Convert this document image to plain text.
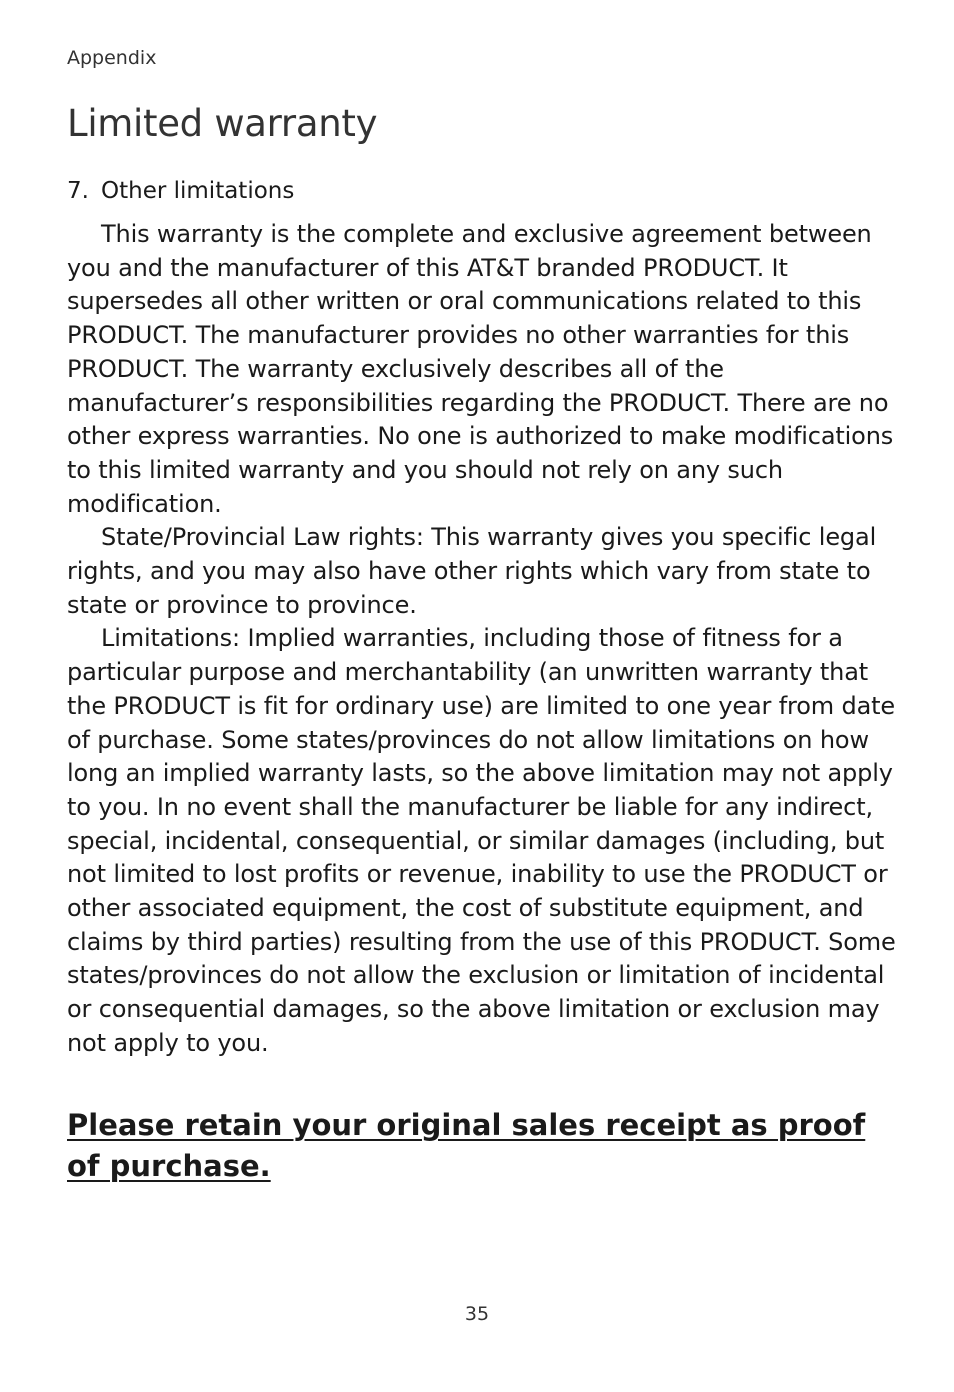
Appendix
Limited warranty
7. Other limitations

This warranty is the complete and exclusive agreement between you and the manufacturer of this AT&T branded PRODUCT. It supersedes all other written or oral communications related to this PRODUCT. The manufacturer provides no other warranties for this PRODUCT. The warranty exclusively describes all of the manufacturer’s responsibilities regarding the PRODUCT. There are no other express warranties. No one is authorized to make modifications to this limited warranty and you should not rely on any such modification.

State/Provincial Law rights: This warranty gives you specific legal rights, and you may also have other rights which vary from state to state or province to province.

Limitations: Implied warranties, including those of fitness for a particular purpose and merchantability (an unwritten warranty that the PRODUCT is fit for ordinary use) are limited to one year from date of purchase. Some states/provinces do not allow limitations on how long an implied warranty lasts, so the above limitation may not apply to you. In no event shall the manufacturer be liable for any indirect, special, incidental, consequential, or similar damages (including, but not limited to lost profits or revenue, inability to use the PRODUCT or other associated equipment, the cost of substitute equipment, and claims by third parties) resulting from the use of this PRODUCT. Some states/provinces do not allow the exclusion or limitation of incidental or consequential damages, so the above limitation or exclusion may not apply to you.

Please retain your original sales receipt as proof of purchase.

35
